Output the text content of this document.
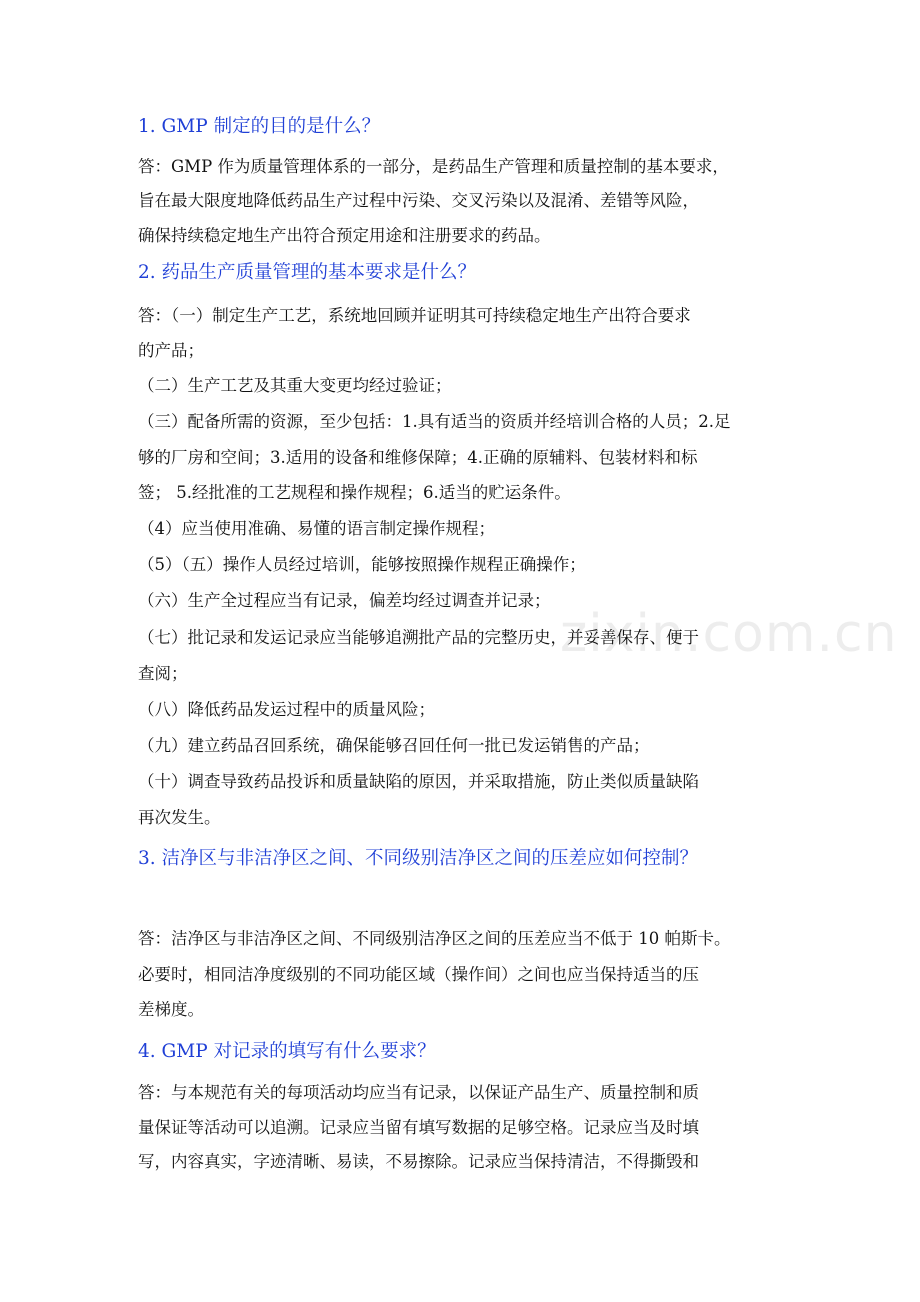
zixin.com.cn
1. GMP 制定的目的是什么？
答：GMP 作为质量管理体系的一部分，是药品生产管理和质量控制的基本要求，
旨在最大限度地降低药品生产过程中污染、交叉污染以及混淆、差错等风险，
确保持续稳定地生产出符合预定用途和注册要求的药品。
2. 药品生产质量管理的基本要求是什么？
答：（一）制定生产工艺，系统地回顾并证明其可持续稳定地生产出符合要求
的产品；
（二）生产工艺及其重大变更均经过验证；
（三）配备所需的资源，至少包括：1.具有适当的资质并经培训合格的人员；2.足
够的厂房和空间；3.适用的设备和维修保障；4.正确的原辅料、包装材料和标
签； 5.经批准的工艺规程和操作规程；6.适当的贮运条件。
（4）应当使用准确、易懂的语言制定操作规程；
（5）（五）操作人员经过培训，能够按照操作规程正确操作；
（六）生产全过程应当有记录，偏差均经过调查并记录；
（七）批记录和发运记录应当能够追溯批产品的完整历史，并妥善保存、便于
查阅；
（八）降低药品发运过程中的质量风险；
（九）建立药品召回系统，确保能够召回任何一批已发运销售的产品；
（十）调查导致药品投诉和质量缺陷的原因，并采取措施，防止类似质量缺陷
再次发生。
3. 洁净区与非洁净区之间、不同级别洁净区之间的压差应如何控制？
答：洁净区与非洁净区之间、不同级别洁净区之间的压差应当不低于 10 帕斯卡。
必要时，相同洁净度级别的不同功能区域（操作间）之间也应当保持适当的压
差梯度。
4. GMP 对记录的填写有什么要求？
答：与本规范有关的每项活动均应当有记录，以保证产品生产、质量控制和质
量保证等活动可以追溯。记录应当留有填写数据的足够空格。记录应当及时填
写，内容真实，字迹清晰、易读，不易擦除。记录应当保持清洁，不得撕毁和
